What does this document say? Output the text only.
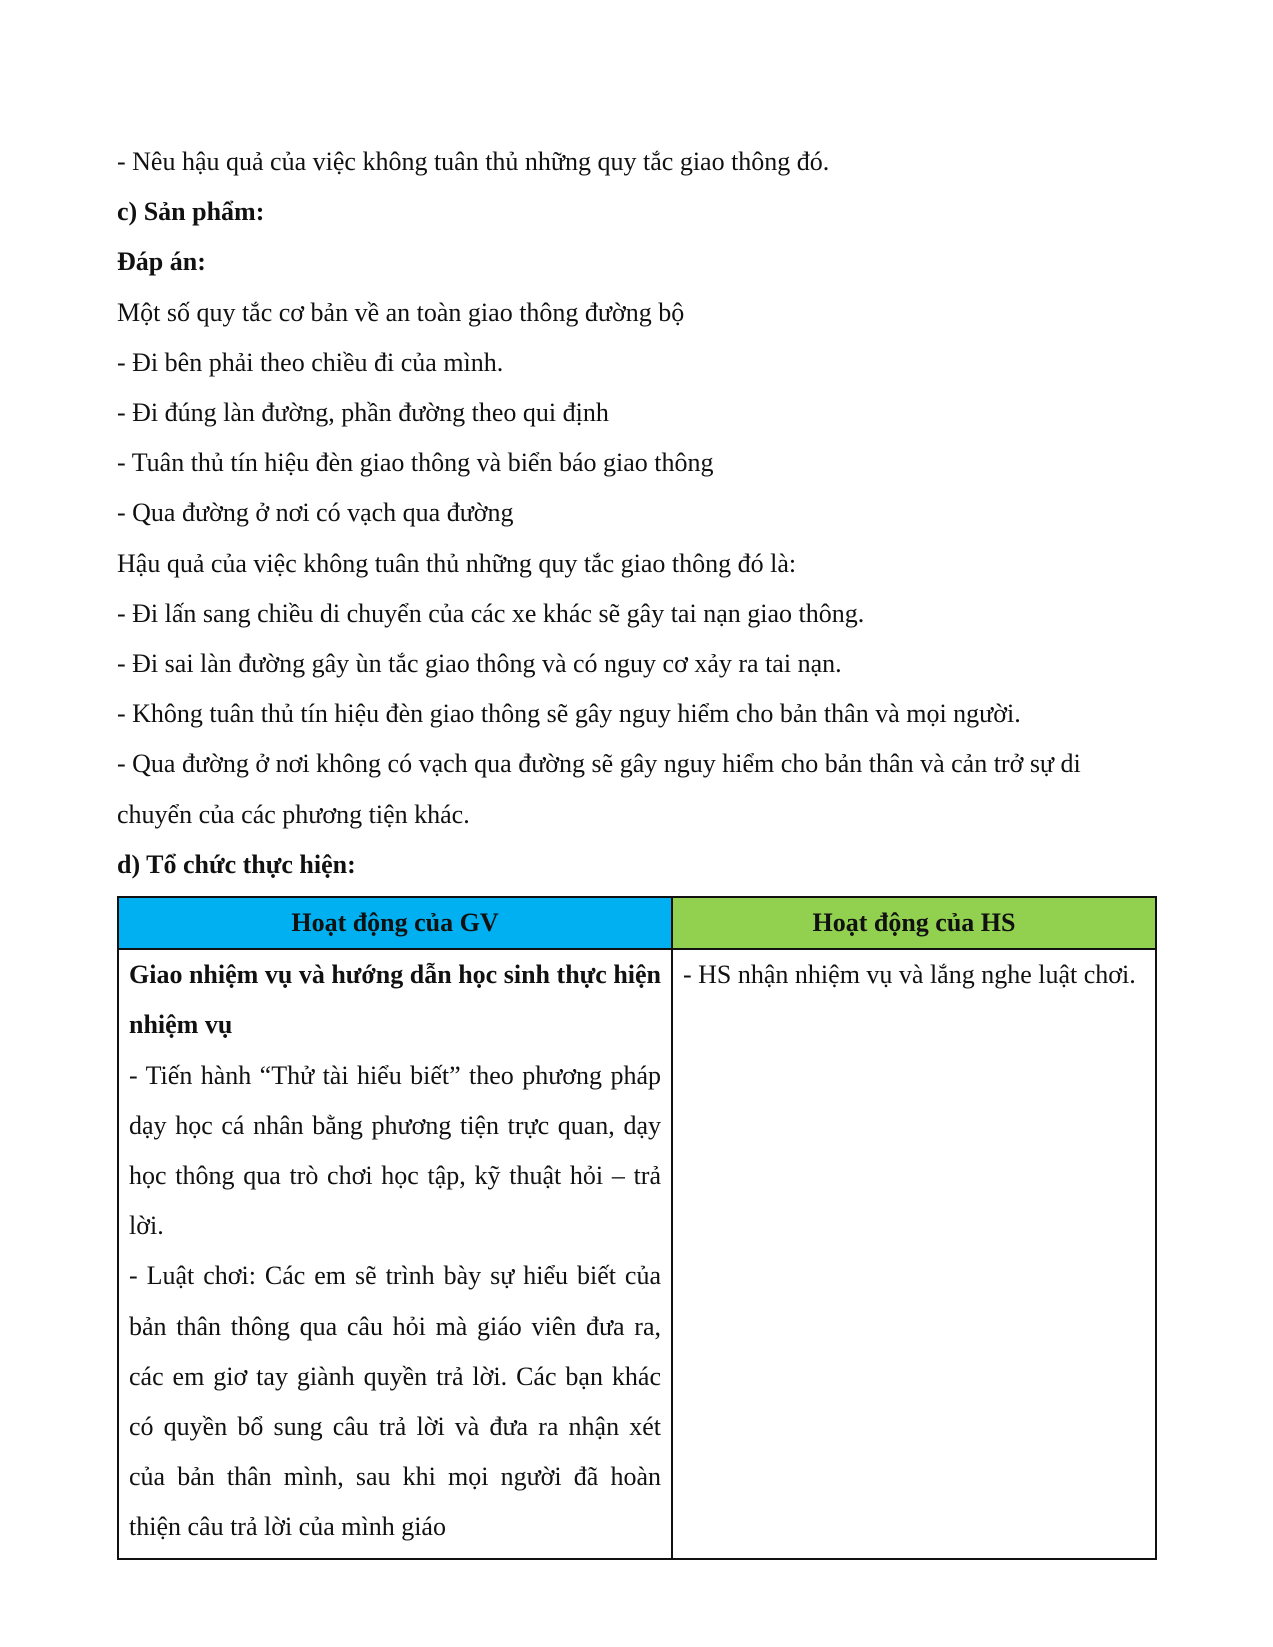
- Nêu hậu quả của việc không tuân thủ những quy tắc giao thông đó.

c) Sản phẩm:

Đáp án:

Một số quy tắc cơ bản về an toàn giao thông đường bộ

- Đi bên phải theo chiều đi của mình.

- Đi đúng làn đường, phần đường theo qui định

- Tuân thủ tín hiệu đèn giao thông và biển báo giao thông

- Qua đường ở nơi có vạch qua đường

Hậu quả của việc không tuân thủ những quy tắc giao thông đó là:

- Đi lấn sang chiều di chuyển của các xe khác sẽ gây tai nạn giao thông.

- Đi sai làn đường gây ùn tắc giao thông và có nguy cơ xảy ra tai nạn.

- Không tuân thủ tín hiệu đèn giao thông sẽ gây nguy hiểm cho bản thân và mọi người.

- Qua đường ở nơi không có vạch qua đường sẽ gây nguy hiểm cho bản thân và cản trở sự di chuyển của các phương tiện khác.

d) Tổ chức thực hiện:

Hoạt động của GV	Hoạt động của HS

Giao nhiệm vụ và hướng dẫn học sinh thực hiện nhiệm vụ

- Tiến hành “Thử tài hiểu biết” theo phương pháp dạy học cá nhân bằng phương tiện trực quan, dạy học thông qua trò chơi học tập, kỹ thuật hỏi – trả lời.

- Luật chơi: Các em sẽ trình bày sự hiểu biết của bản thân thông qua câu hỏi mà giáo viên đưa ra, các em giơ tay giành quyền trả lời. Các bạn khác có quyền bổ sung câu trả lời và đưa ra nhận xét của bản thân mình, sau khi mọi người đã hoàn thiện câu trả lời của mình giáo	- HS nhận nhiệm vụ và lắng nghe luật chơi.
